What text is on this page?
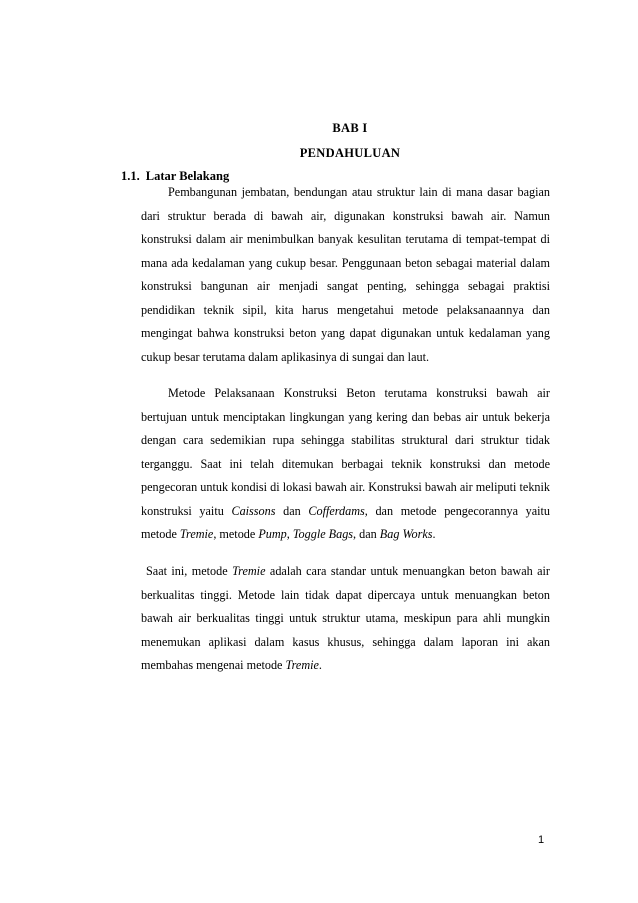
BAB I
PENDAHULUAN
1.1. Latar Belakang

Pembangunan jembatan, bendungan atau struktur lain di mana dasar bagian dari struktur berada di bawah air, digunakan konstruksi bawah air. Namun konstruksi dalam air menimbulkan banyak kesulitan terutama di tempat-tempat di mana ada kedalaman yang cukup besar. Penggunaan beton sebagai material dalam konstruksi bangunan air menjadi sangat penting, sehingga sebagai praktisi pendidikan teknik sipil, kita harus mengetahui metode pelaksanaannya dan mengingat bahwa konstruksi beton yang dapat digunakan untuk kedalaman yang cukup besar terutama dalam aplikasinya di sungai dan laut.

Metode Pelaksanaan Konstruksi Beton terutama konstruksi bawah air bertujuan untuk menciptakan lingkungan yang kering dan bebas air untuk bekerja dengan cara sedemikian rupa sehingga stabilitas struktural dari struktur tidak terganggu. Saat ini telah ditemukan berbagai teknik konstruksi dan metode pengecoran untuk kondisi di lokasi bawah air. Konstruksi bawah air meliputi teknik konstruksi yaitu Caissons dan Cofferdams, dan metode pengecorannya yaitu metode Tremie, metode Pump, Toggle Bags, dan Bag Works.

Saat ini, metode Tremie adalah cara standar untuk menuangkan beton bawah air berkualitas tinggi. Metode lain tidak dapat dipercaya untuk menuangkan beton bawah air berkualitas tinggi untuk struktur utama, meskipun para ahli mungkin menemukan aplikasi dalam kasus khusus, sehingga dalam laporan ini akan membahas mengenai metode Tremie.

1
